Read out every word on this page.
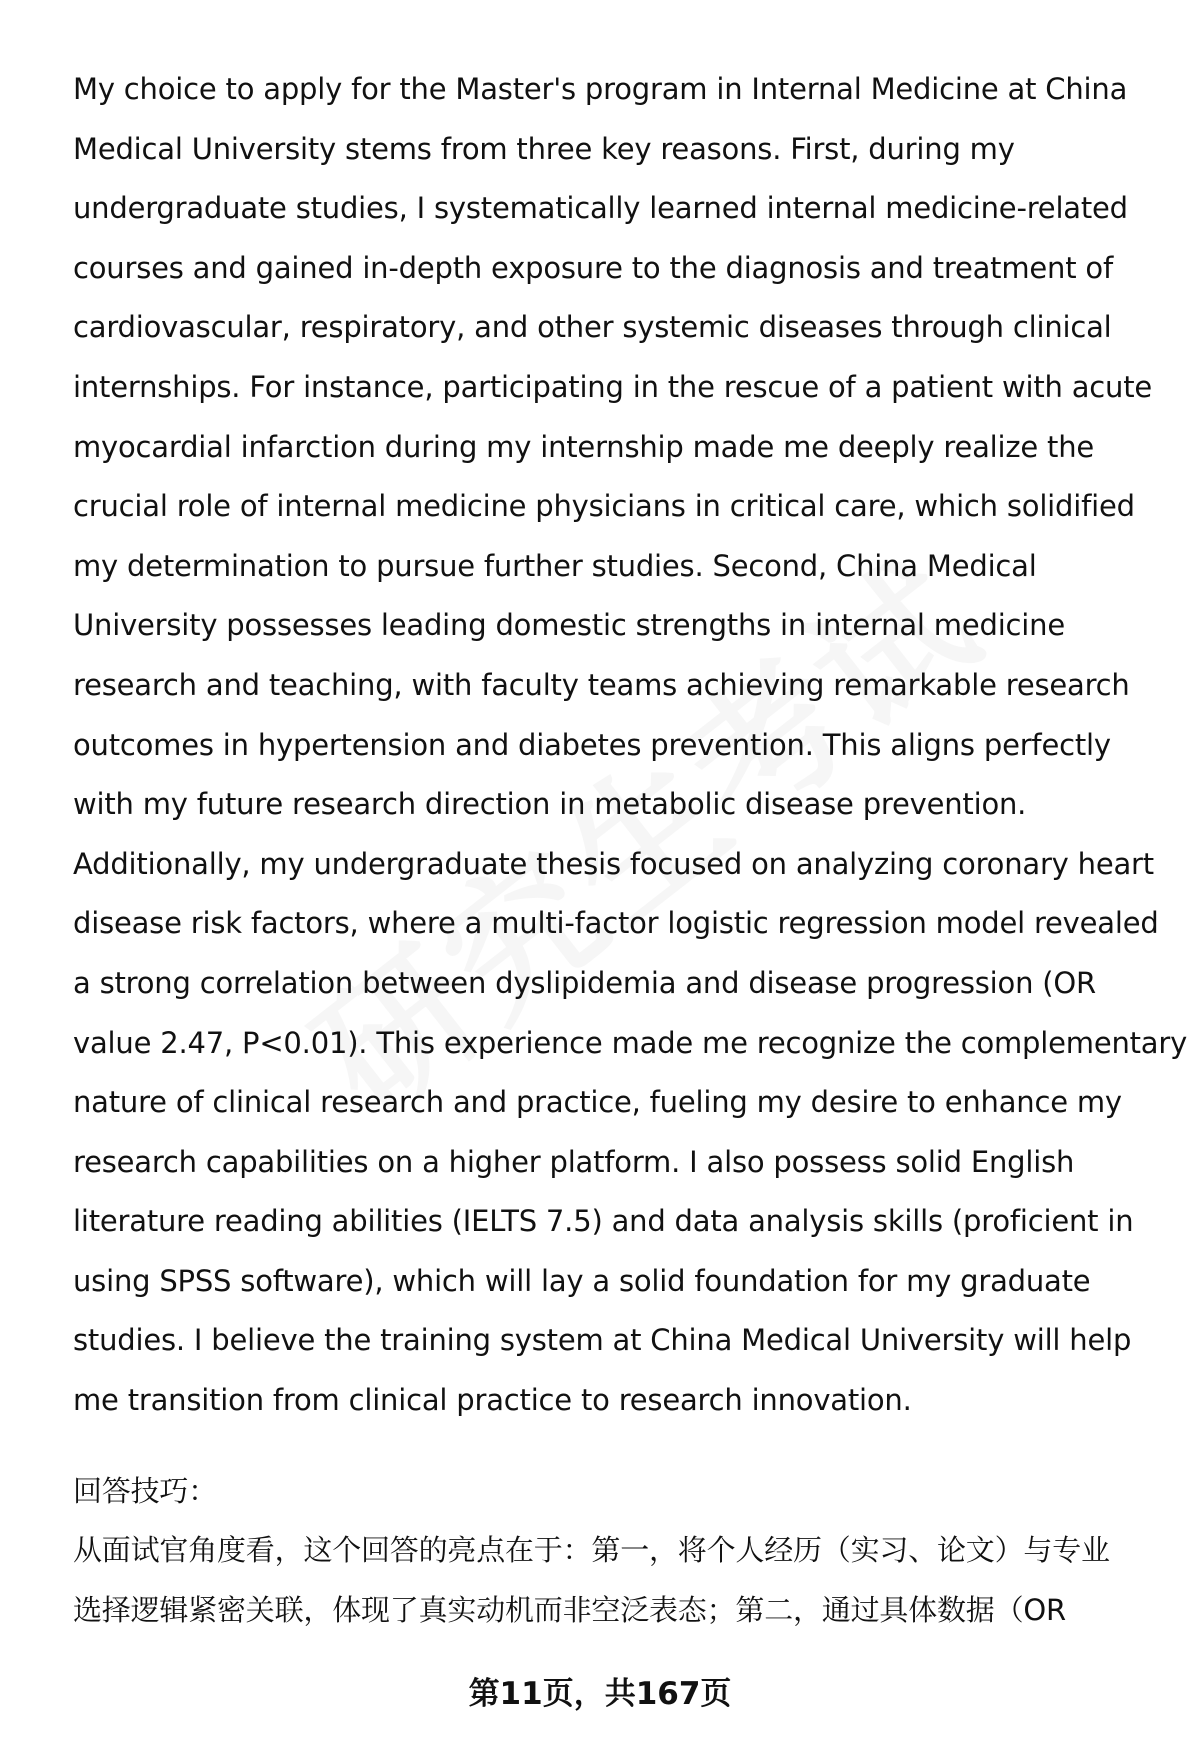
My choice to apply for the Master's program in Internal Medicine at China
Medical University stems from three key reasons. First, during my
undergraduate studies, I systematically learned internal medicine-related
courses and gained in-depth exposure to the diagnosis and treatment of
cardiovascular, respiratory, and other systemic diseases through clinical
internships. For instance, participating in the rescue of a patient with acute
myocardial infarction during my internship made me deeply realize the
crucial role of internal medicine physicians in critical care, which solidified
my determination to pursue further studies. Second, China Medical
University possesses leading domestic strengths in internal medicine
research and teaching, with faculty teams achieving remarkable research
outcomes in hypertension and diabetes prevention. This aligns perfectly
with my future research direction in metabolic disease prevention.
Additionally, my undergraduate thesis focused on analyzing coronary heart
disease risk factors, where a multi-factor logistic regression model revealed
a strong correlation between dyslipidemia and disease progression (OR
value 2.47, P<0.01). This experience made me recognize the complementary
nature of clinical research and practice, fueling my desire to enhance my
research capabilities on a higher platform. I also possess solid English
literature reading abilities (IELTS 7.5) and data analysis skills (proficient in
using SPSS software), which will lay a solid foundation for my graduate
studies. I believe the training system at China Medical University will help
me transition from clinical practice to research innovation.
回答技巧：
从面试官角度看，这个回答的亮点在于：第一，将个人经历（实习、论文）与专业
选择逻辑紧密关联，体现了真实动机而非空泛表态；第二，通过具体数据（OR
第11页，共167页
